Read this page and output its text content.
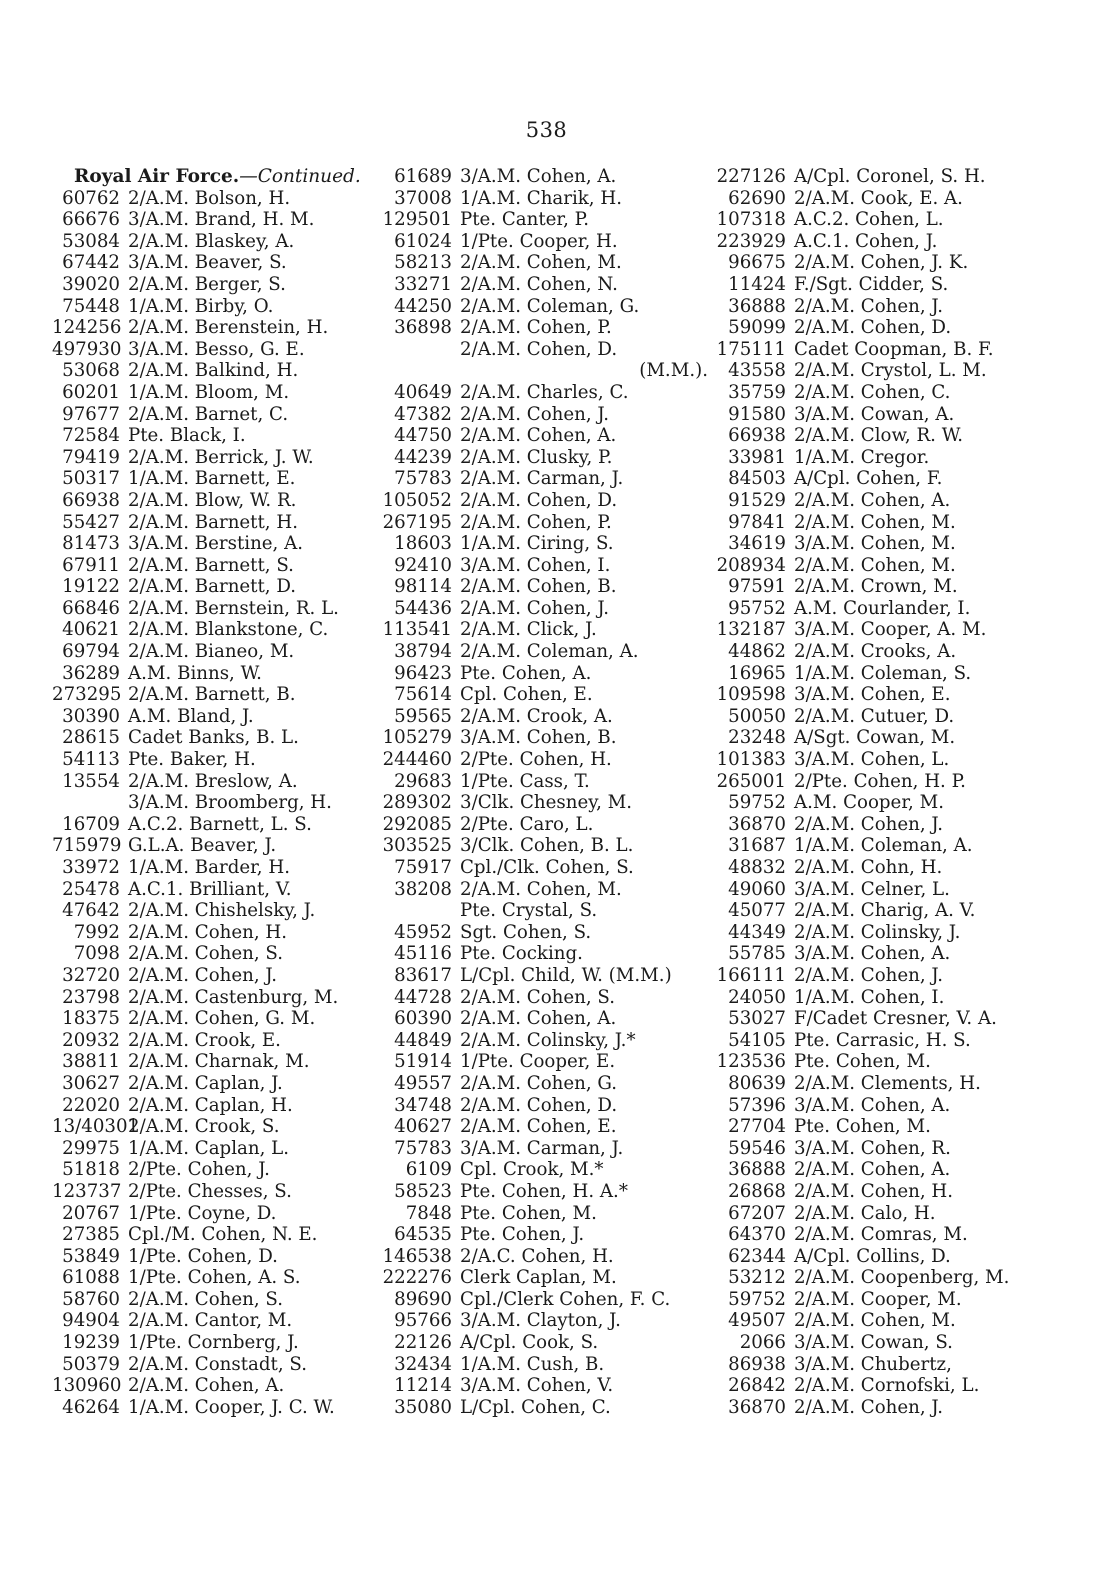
538
Royal Air Force.—Continued.
60762 2/A.M. Bolson, H.
66676 3/A.M. Brand, H. M.
53084 2/A.M. Blaskey, A.
67442 3/A.M. Beaver, S.
39020 2/A.M. Berger, S.
75448 1/A.M. Birby, O.
124256 2/A.M. Berenstein, H.
497930 3/A.M. Besso, G. E.
53068 2/A.M. Balkind, H.
60201 1/A.M. Bloom, M.
97677 2/A.M. Barnet, C.
72584 Pte. Black, I.
79419 2/A.M. Berrick, J. W.
50317 1/A.M. Barnett, E.
66938 2/A.M. Blow, W. R.
55427 2/A.M. Barnett, H.
81473 3/A.M. Berstine, A.
67911 2/A.M. Barnett, S.
19122 2/A.M. Barnett, D.
66846 2/A.M. Bernstein, R. L.
40621 2/A.M. Blankstone, C.
69794 2/A.M. Bianeo, M.
36289 A.M. Binns, W.
273295 2/A.M. Barnett, B.
30390 A.M. Bland, J.
28615 Cadet Banks, B. L.
54113 Pte. Baker, H.
13554 2/A.M. Breslow, A.
3/A.M. Broomberg, H.
16709 A.C.2. Barnett, L. S.
715979 G.L.A. Beaver, J.
33972 1/A.M. Barder, H.
25478 A.C.1. Brilliant, V.
47642 2/A.M. Chishelsky, J.
7992 2/A.M. Cohen, H.
7098 2/A.M. Cohen, S.
32720 2/A.M. Cohen, J.
23798 2/A.M. Castenburg, M.
18375 2/A.M. Cohen, G. M.
20932 2/A.M. Crook, E.
38811 2/A.M. Charnak, M.
30627 2/A.M. Caplan, J.
22020 2/A.M. Caplan, H.
13/40301
2/A.M. Crook, S.
29975 1/A.M. Caplan, L.
51818 2/Pte. Cohen, J.
123737 2/Pte. Chesses, S.
20767 1/Pte. Coyne, D.
27385 Cpl./M. Cohen, N. E.
53849 1/Pte. Cohen, D.
61088 1/Pte. Cohen, A. S.
58760 2/A.M. Cohen, S.
94904 2/A.M. Cantor, M.
19239 1/Pte. Cornberg, J.
50379 2/A.M. Constadt, S.
130960 2/A.M. Cohen, A.
46264 1/A.M. Cooper, J. C. W.
61689 3/A.M. Cohen, A.
37008 1/A.M. Charik, H.
129501 Pte. Canter, P.
61024 1/Pte. Cooper, H.
58213 2/A.M. Cohen, M.
33271 2/A.M. Cohen, N.
44250 2/A.M. Coleman, G.
36898 2/A.M. Cohen, P.
2/A.M. Cohen, D.
(M.M.).
40649 2/A.M. Charles, C.
47382 2/A.M. Cohen, J.
44750 2/A.M. Cohen, A.
44239 2/A.M. Clusky, P.
75783 2/A.M. Carman, J.
105052 2/A.M. Cohen, D.
267195 2/A.M. Cohen, P.
18603 1/A.M. Ciring, S.
92410 3/A.M. Cohen, I.
98114 2/A.M. Cohen, B.
54436 2/A.M. Cohen, J.
113541 2/A.M. Click, J.
38794 2/A.M. Coleman, A.
96423 Pte. Cohen, A.
75614 Cpl. Cohen, E.
59565 2/A.M. Crook, A.
105279 3/A.M. Cohen, B.
244460 2/Pte. Cohen, H.
29683 1/Pte. Cass, T.
289302 3/Clk. Chesney, M.
292085 2/Pte. Caro, L.
303525 3/Clk. Cohen, B. L.
75917 Cpl./Clk. Cohen, S.
38208 2/A.M. Cohen, M.
Pte. Crystal, S.
45952 Sgt. Cohen, S.
45116 Pte. Cocking.
83617 L/Cpl. Child, W. (M.M.)
44728 2/A.M. Cohen, S.
60390 2/A.M. Cohen, A.
44849 2/A.M. Colinsky, J.*
51914 1/Pte. Cooper, E.
49557 2/A.M. Cohen, G.
34748 2/A.M. Cohen, D.
40627 2/A.M. Cohen, E.
75783 3/A.M. Carman, J.
6109 Cpl. Crook, M.*
58523 Pte. Cohen, H. A.*
7848 Pte. Cohen, M.
64535 Pte. Cohen, J.
146538 2/A.C. Cohen, H.
222276 Clerk Caplan, M.
89690 Cpl./Clerk Cohen, F. C.
95766 3/A.M. Clayton, J.
22126 A/Cpl. Cook, S.
32434 1/A.M. Cush, B.
11214 3/A.M. Cohen, V.
35080 L/Cpl. Cohen, C.
227126 A/Cpl. Coronel, S. H.
62690 2/A.M. Cook, E. A.
107318 A.C.2. Cohen, L.
223929 A.C.1. Cohen, J.
96675 2/A.M. Cohen, J. K.
11424 F./Sgt. Cidder, S.
36888 2/A.M. Cohen, J.
59099 2/A.M. Cohen, D.
175111 Cadet Coopman, B. F.
43558 2/A.M. Crystol, L. M.
35759 2/A.M. Cohen, C.
91580 3/A.M. Cowan, A.
66938 2/A.M. Clow, R. W.
33981 1/A.M. Cregor.
84503 A/Cpl. Cohen, F.
91529 2/A.M. Cohen, A.
97841 2/A.M. Cohen, M.
34619 3/A.M. Cohen, M.
208934 2/A.M. Cohen, M.
97591 2/A.M. Crown, M.
95752 A.M. Courlander, I.
132187 3/A.M. Cooper, A. M.
44862 2/A.M. Crooks, A.
16965 1/A.M. Coleman, S.
109598 3/A.M. Cohen, E.
50050 2/A.M. Cutuer, D.
23248 A/Sgt. Cowan, M.
101383 3/A.M. Cohen, L.
265001 2/Pte. Cohen, H. P.
59752 A.M. Cooper, M.
36870 2/A.M. Cohen, J.
31687 1/A.M. Coleman, A.
48832 2/A.M. Cohn, H.
49060 3/A.M. Celner, L.
45077 2/A.M. Charig, A. V.
44349 2/A.M. Colinsky, J.
55785 3/A.M. Cohen, A.
166111 2/A.M. Cohen, J.
24050 1/A.M. Cohen, I.
53027 F/Cadet Cresner, V. A.
54105 Pte. Carrasic, H. S.
123536 Pte. Cohen, M.
80639 2/A.M. Clements, H.
57396 3/A.M. Cohen, A.
27704 Pte. Cohen, M.
59546 3/A.M. Cohen, R.
36888 2/A.M. Cohen, A.
26868 2/A.M. Cohen, H.
67207 2/A.M. Calo, H.
64370 2/A.M. Comras, M.
62344 A/Cpl. Collins, D.
53212 2/A.M. Coopenberg, M.
59752 2/A.M. Cooper, M.
49507 2/A.M. Cohen, M.
2066 3/A.M. Cowan, S.
86938 3/A.M. Chubertz,
26842 2/A.M. Cornofski, L.
36870 2/A.M. Cohen, J.
